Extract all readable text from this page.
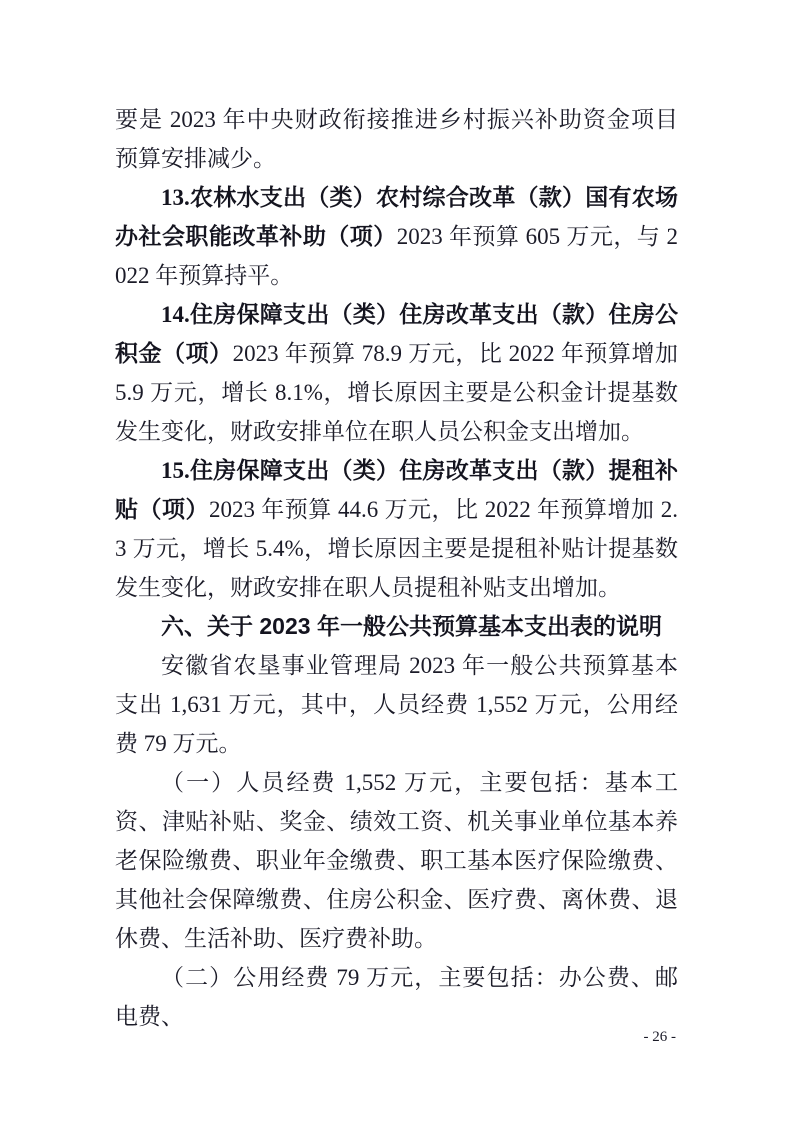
要是 2023 年中央财政衔接推进乡村振兴补助资金项目预算安排减少。

13.农林水支出（类）农村综合改革（款）国有农场办社会职能改革补助（项）2023 年预算 605 万元，与 2022 年预算持平。

14.住房保障支出（类）住房改革支出（款）住房公积金（项）2023 年预算 78.9 万元，比 2022 年预算增加 5.9 万元，增长 8.1%，增长原因主要是公积金计提基数发生变化，财政安排单位在职人员公积金支出增加。

15.住房保障支出（类）住房改革支出（款）提租补贴（项）2023 年预算 44.6 万元，比 2022 年预算增加 2.3 万元，增长 5.4%，增长原因主要是提租补贴计提基数发生变化，财政安排在职人员提租补贴支出增加。

六、关于 2023 年一般公共预算基本支出表的说明

安徽省农垦事业管理局 2023 年一般公共预算基本支出 1,631 万元，其中，人员经费 1,552 万元，公用经费 79 万元。

（一）人员经费 1,552 万元，主要包括：基本工资、津贴补贴、奖金、绩效工资、机关事业单位基本养老保险缴费、职业年金缴费、职工基本医疗保险缴费、其他社会保障缴费、住房公积金、医疗费、离休费、退休费、生活补助、医疗费补助。

（二）公用经费 79 万元，主要包括：办公费、邮电费、

- 26 -
